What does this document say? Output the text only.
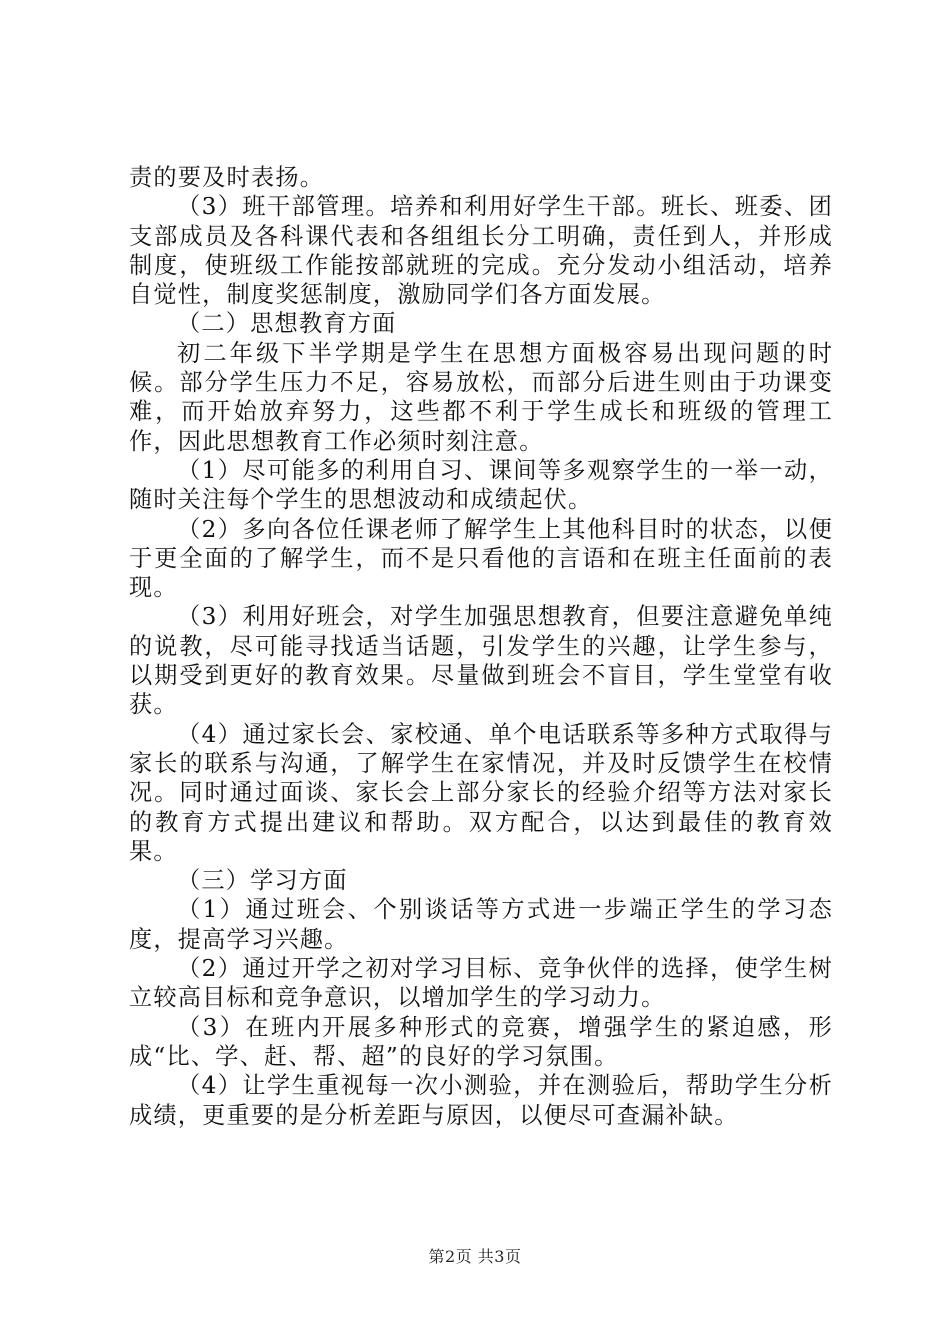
责的要及时表扬。

（3）班干部管理。培养和利用好学生干部。班长、班委、团支部成员及各科课代表和各组组长分工明确，责任到人，并形成制度，使班级工作能按部就班的完成。充分发动小组活动，培养自觉性，制度奖惩制度，激励同学们各方面发展。

（二）思想教育方面

初二年级下半学期是学生在思想方面极容易出现问题的时候。部分学生压力不足，容易放松，而部分后进生则由于功课变难，而开始放弃努力，这些都不利于学生成长和班级的管理工作，因此思想教育工作必须时刻注意。

（1）尽可能多的利用自习、课间等多观察学生的一举一动，随时关注每个学生的思想波动和成绩起伏。

（2）多向各位任课老师了解学生上其他科目时的状态，以便于更全面的了解学生，而不是只看他的言语和在班主任面前的表现。

（3）利用好班会，对学生加强思想教育，但要注意避免单纯的说教，尽可能寻找适当话题，引发学生的兴趣，让学生参与，以期受到更好的教育效果。尽量做到班会不盲目，学生堂堂有收获。

（4）通过家长会、家校通、单个电话联系等多种方式取得与家长的联系与沟通，了解学生在家情况，并及时反馈学生在校情况。同时通过面谈、家长会上部分家长的经验介绍等方法对家长的教育方式提出建议和帮助。双方配合，以达到最佳的教育效果。

（三）学习方面

（1）通过班会、个别谈话等方式进一步端正学生的学习态度，提高学习兴趣。

（2）通过开学之初对学习目标、竞争伙伴的选择，使学生树立较高目标和竞争意识，以增加学生的学习动力。

（3）在班内开展多种形式的竞赛，增强学生的紧迫感，形成“比、学、赶、帮、超”的良好的学习氛围。

（4）让学生重视每一次小测验，并在测验后，帮助学生分析成绩，更重要的是分析差距与原因，以便尽可查漏补缺。

第2页 共3页
